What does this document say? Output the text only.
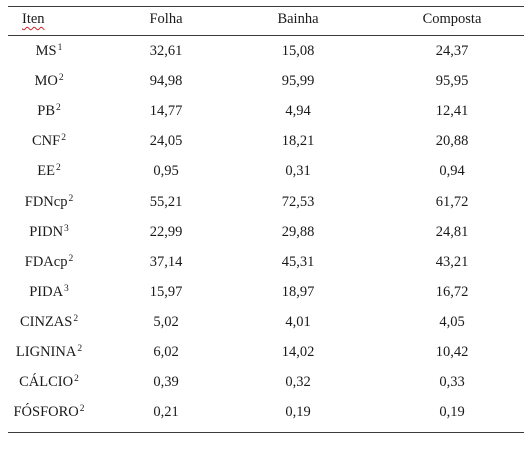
Iten	Folha	Bainha	Composta
$MS^1$	32,61	15,08	24,37
$MO^2$	94,98	95,99	95,95
$PB^2$	14,77	4,94	12,41
CNF$^2$	24,05	18,21	20,88
$EE^2$	0,95	0,31	0,94
FDNcp$^2$	55,21	72,53	61,72
PIDN$^3$	22,99	29,88	24,81
FDAcp$^2$	37,14	45,31	43,21
PIDA$^3$	15,97	18,97	16,72
CINZAS$^2$	5,02	4,01	4,05
LIGNINA$^2$	6,02	14,02	10,42
CÁLCIO$^2$	0,39	0,32	0,33
FÓSFORO$^2$	0,21	0,19	0,19
